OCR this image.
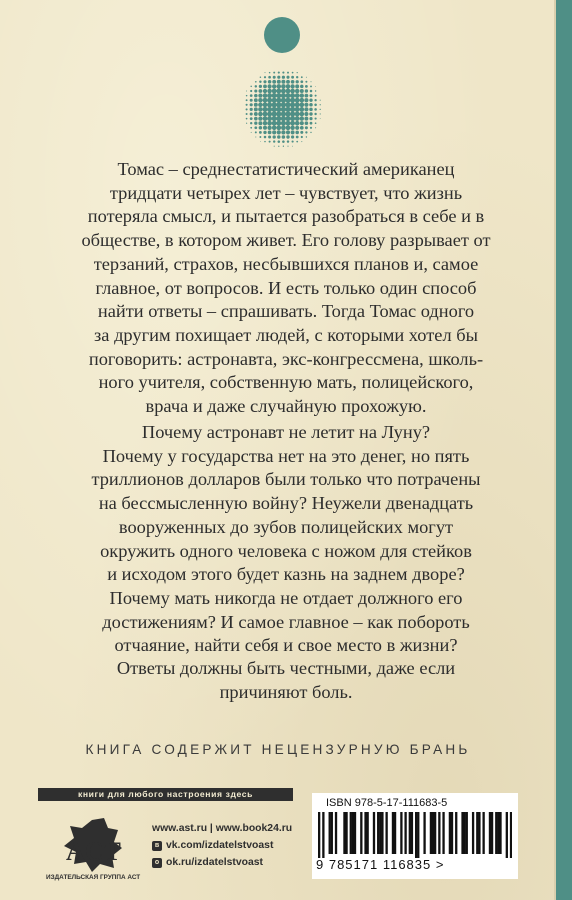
Томас – среднестатистический американец
тридцати четырех лет – чувствует, что жизнь
потеряла смысл, и пытается разобраться в себе и в
обществе, в котором живет. Его голову разрывает от
терзаний, страхов, несбывшихся планов и, самое
главное, от вопросов. И есть только один способ
найти ответы – спрашивать. Тогда Томас одного
за другим похищает людей, с которыми хотел бы
поговорить: астронавта, экс-конгрессмена, школь-
ного учителя, собственную мать, полицейского,
врача и даже случайную прохожую.
Почему астронавт не летит на Луну?
Почему у государства нет на это денег, но пять
триллионов долларов были только что потрачены
на бессмысленную войну? Неужели двенадцать
вооруженных до зубов полицейских могут
окружить одного человека с ножом для стейков
и исходом этого будет казнь на заднем дворе?
Почему мать никогда не отдает должного его
достижениям? И самое главное – как побороть
отчаяние, найти себя и свое место в жизни?
Ответы должны быть честными, даже если
причиняют боль.
КНИГА СОДЕРЖИТ НЕЦЕНЗУРНУЮ БРАНЬ
книги для любого настроения здесь
ACT
ИЗДАТЕЛЬСКАЯ ГРУППА АСТ
www.ast.ru | www.book24.ru
в vk.com/izdatelstvoast
о ok.ru/izdatelstvoast
ISBN 978-5-17-111683-5
9 785171 116835 >
